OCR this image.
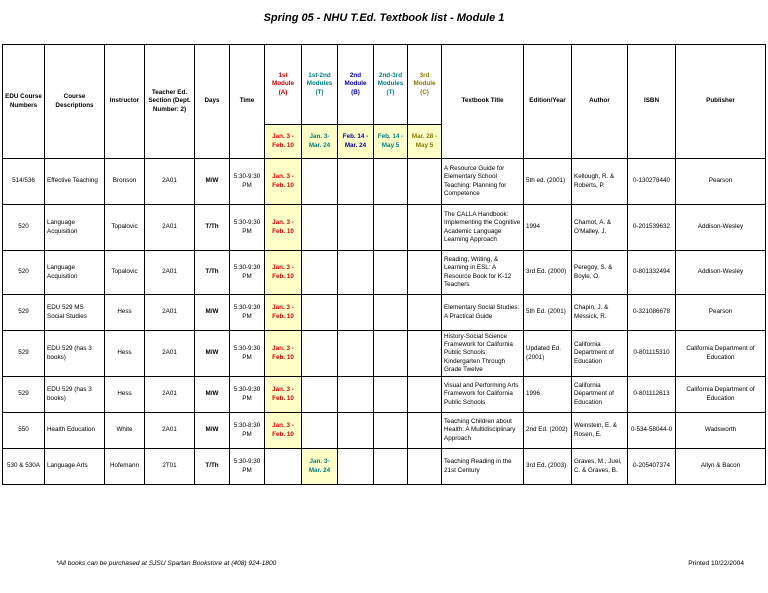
Spring 05 - NHU T.Ed. Textbook list - Module 1
EDU Course Numbers	Course Descriptions	Instructor	Teacher Ed. Section (Dept. Number: 2)	Days	Time	1st Module (A)	1st-2nd Modules (T)	2nd Module (B)	2nd-3rd Modules (T)	3rd Module (C)	Textbook Title	Edition/Year	Author	ISBN	Publisher
						Jan. 3 - Feb. 10	Jan. 3- Mar. 24	Feb. 14 - Mar. 24	Feb. 14 - May 5	Mar. 28 - May 5					
514/536	Effective Teaching	Bronson	2A01	M/W	5:30-9:30 PM	Jan. 3 - Feb. 10					A Resource Guide for Elementary School Teaching: Planning for Competence	5th ed. (2001)	Kellough, R. & Roberts, P.	0-130278440	Pearson
520	Language Acquisition	Topalovic	2A01	T/Th	5:30-9:30 PM	Jan. 3 - Feb. 10					The CALLA Handbook: Implementing the Cognitive Academic Language Learning Approach	1994	Chamot, A. & O'Malley, J.	0-201539632	Addison-Wesley
520	Language Acquisition	Topalovic	2A01	T/Th	5:30-9:30 PM	Jan. 3 - Feb. 10					Reading, Writing, & Learning in ESL: A Resource Book for K-12 Teachers	3rd Ed. (2000)	Peregoy, S. & Boyle, O.	0-801332494	Addison-Wesley
529	EDU 529 MS Social Studies	Hess	2A01	M/W	5:30-9:30 PM	Jan. 3 - Feb. 10					Elementary Social Studies: A Practical Guide	5th Ed. (2001)	Chapin, J. & Messick, R.	0-321086678	Pearson
529	EDU 529 (has 3 books)	Hess	2A01	M/W	5:30-9:30 PM	Jan. 3 - Feb. 10					History-Social Science Framework for California Public Schools: Kindergarten Through Grade Twelve	Updated Ed. (2001)	California Department of Education	0-801115310	California Department of Education
529	EDU 529 (has 3 books)	Hess	2A01	M/W	5:30-9:30 PM	Jan. 3 - Feb. 10					Visual and Performing Arts Framework for California Public Schools	1996	California Department of Education	0-801112613	California Department of Education
550	Health Education	White	2A01	M/W	5:30-8:30 PM	Jan. 3 - Feb. 10					Teaching Children about Health: A Multidisciplinary Approach	2nd Ed. (2002)	Weinstein, E. & Rosen, E.	0-534-58044-0	Wadsworth
530 & 530A	Language Arts	Hofemann	2T01	T/Th	5:30-9:30 PM		Jan. 3- Mar. 24				Teaching Reading in the 21st Century	3rd Ed. (2003)	Graves, M., Juel, C. & Graves, B.	0-205407374	Allyn & Bacon
*All books can be purchased at SJSU Spartan Bookstore at (408) 924-1800	Printed 10/22/2004
